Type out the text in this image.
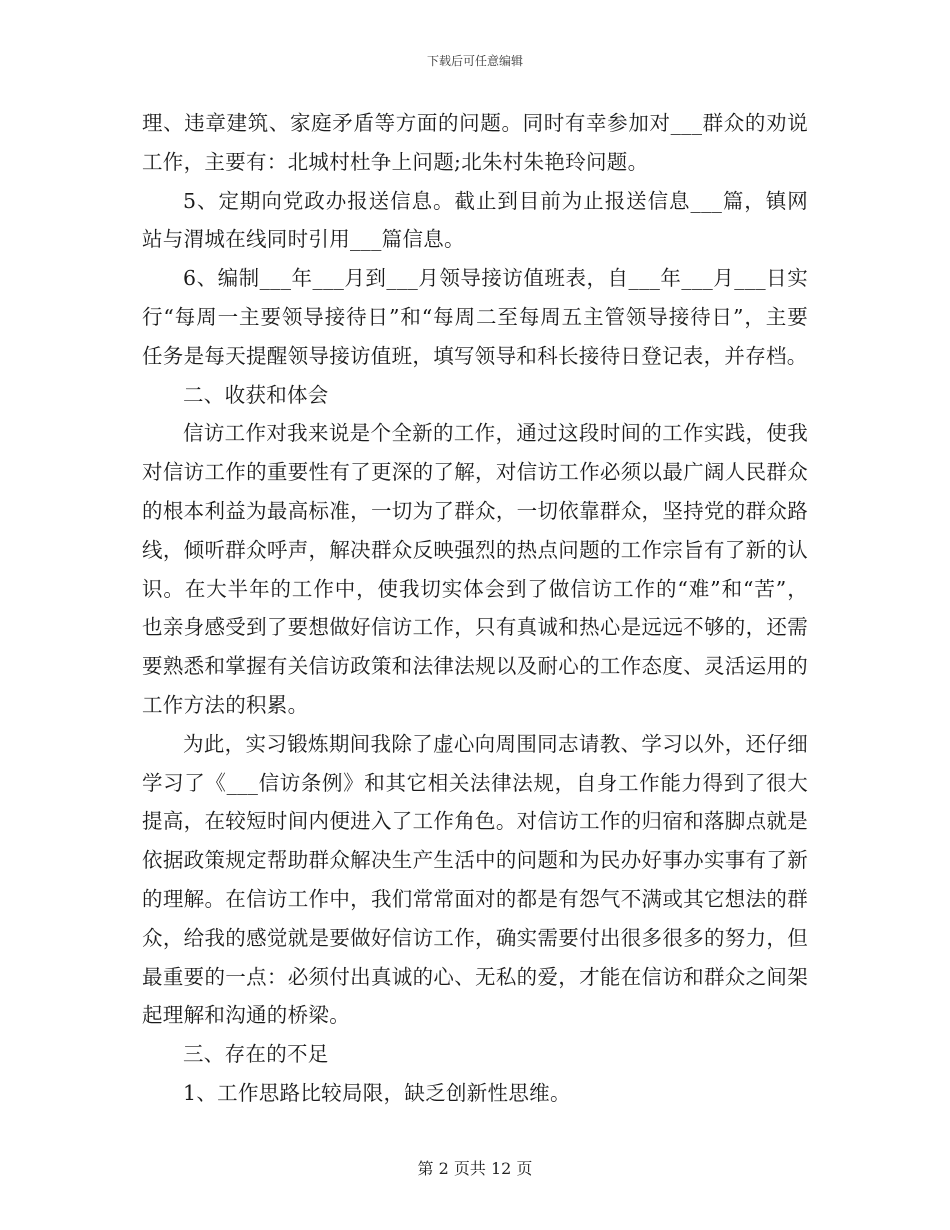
下载后可任意编辑

理、违章建筑、家庭矛盾等方面的问题。同时有幸参加对___群众的劝说工作，主要有：北城村杜争上问题;北朱村朱艳玲问题。

5、定期向党政办报送信息。截止到目前为止报送信息___篇，镇网站与渭城在线同时引用___篇信息。

6、编制___年___月到___月领导接访值班表，自___年___月___日实行“每周一主要领导接待日”和“每周二至每周五主管领导接待日”，主要任务是每天提醒领导接访值班，填写领导和科长接待日登记表，并存档。

二、收获和体会

信访工作对我来说是个全新的工作，通过这段时间的工作实践，使我对信访工作的重要性有了更深的了解，对信访工作必须以最广阔人民群众的根本利益为最高标准，一切为了群众，一切依靠群众，坚持党的群众路线，倾听群众呼声，解决群众反映强烈的热点问题的工作宗旨有了新的认识。在大半年的工作中，使我切实体会到了做信访工作的“难”和“苦”，也亲身感受到了要想做好信访工作，只有真诚和热心是远远不够的，还需要熟悉和掌握有关信访政策和法律法规以及耐心的工作态度、灵活运用的工作方法的积累。

为此，实习锻炼期间我除了虚心向周围同志请教、学习以外，还仔细学习了《___信访条例》和其它相关法律法规，自身工作能力得到了很大提高，在较短时间内便进入了工作角色。对信访工作的归宿和落脚点就是依据政策规定帮助群众解决生产生活中的问题和为民办好事办实事有了新的理解。在信访工作中，我们常常面对的都是有怨气不满或其它想法的群众，给我的感觉就是要做好信访工作，确实需要付出很多很多的努力，但最重要的一点：必须付出真诚的心、无私的爱，才能在信访和群众之间架起理解和沟通的桥梁。

三、存在的不足

1、工作思路比较局限，缺乏创新性思维。

第 2 页共 12 页
